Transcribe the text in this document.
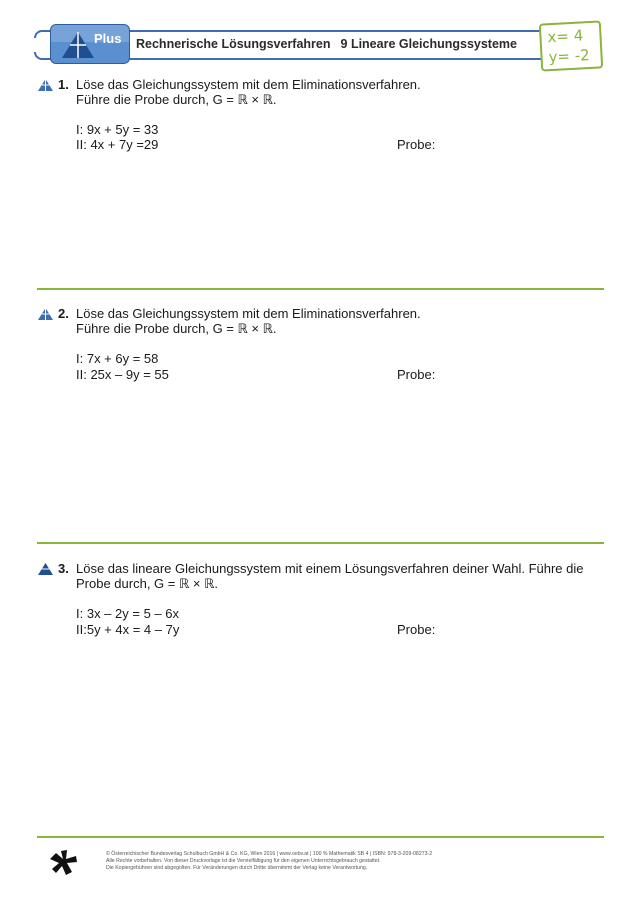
Plus Rechnerische Lösungsverfahren 9 Lineare Gleichungssysteme	x= 4
y= -2
1. Löse das Gleichungssystem mit dem Eliminationsverfahren.
Führe die Probe durch, G = ℝ × ℝ.
I: 9x + 5y = 33
II: 4x + 7y =29	Probe:
2. Löse das Gleichungssystem mit dem Eliminationsverfahren.
Führe die Probe durch, G = ℝ × ℝ.
I: 7x + 6y = 58
II: 25x – 9y = 55	Probe:
3. Löse das lineare Gleichungssystem mit einem Lösungsverfahren deiner Wahl. Führe die
Probe durch, G = ℝ × ℝ.
I: 3x – 2y = 5 – 6x
II:5y + 4x = 4 – 7y	Probe:
© Österreichischer Bundesverlag Schulbuch GmbH & Co. KG, Wien 2016 | www.oebv.at | 100 % Mathematik SB 4 | ISBN: 978-3-209-08273-2
Alle Rechte vorbehalten. Von dieser Druckvorlage ist die Vervielfältigung für den eigenen Unterrichtsgebrauch gestattet.
Die Kopiergebühren sind abgegolten. Für Veränderungen durch Dritte übernimmt der Verlag keine Verantwortung.
